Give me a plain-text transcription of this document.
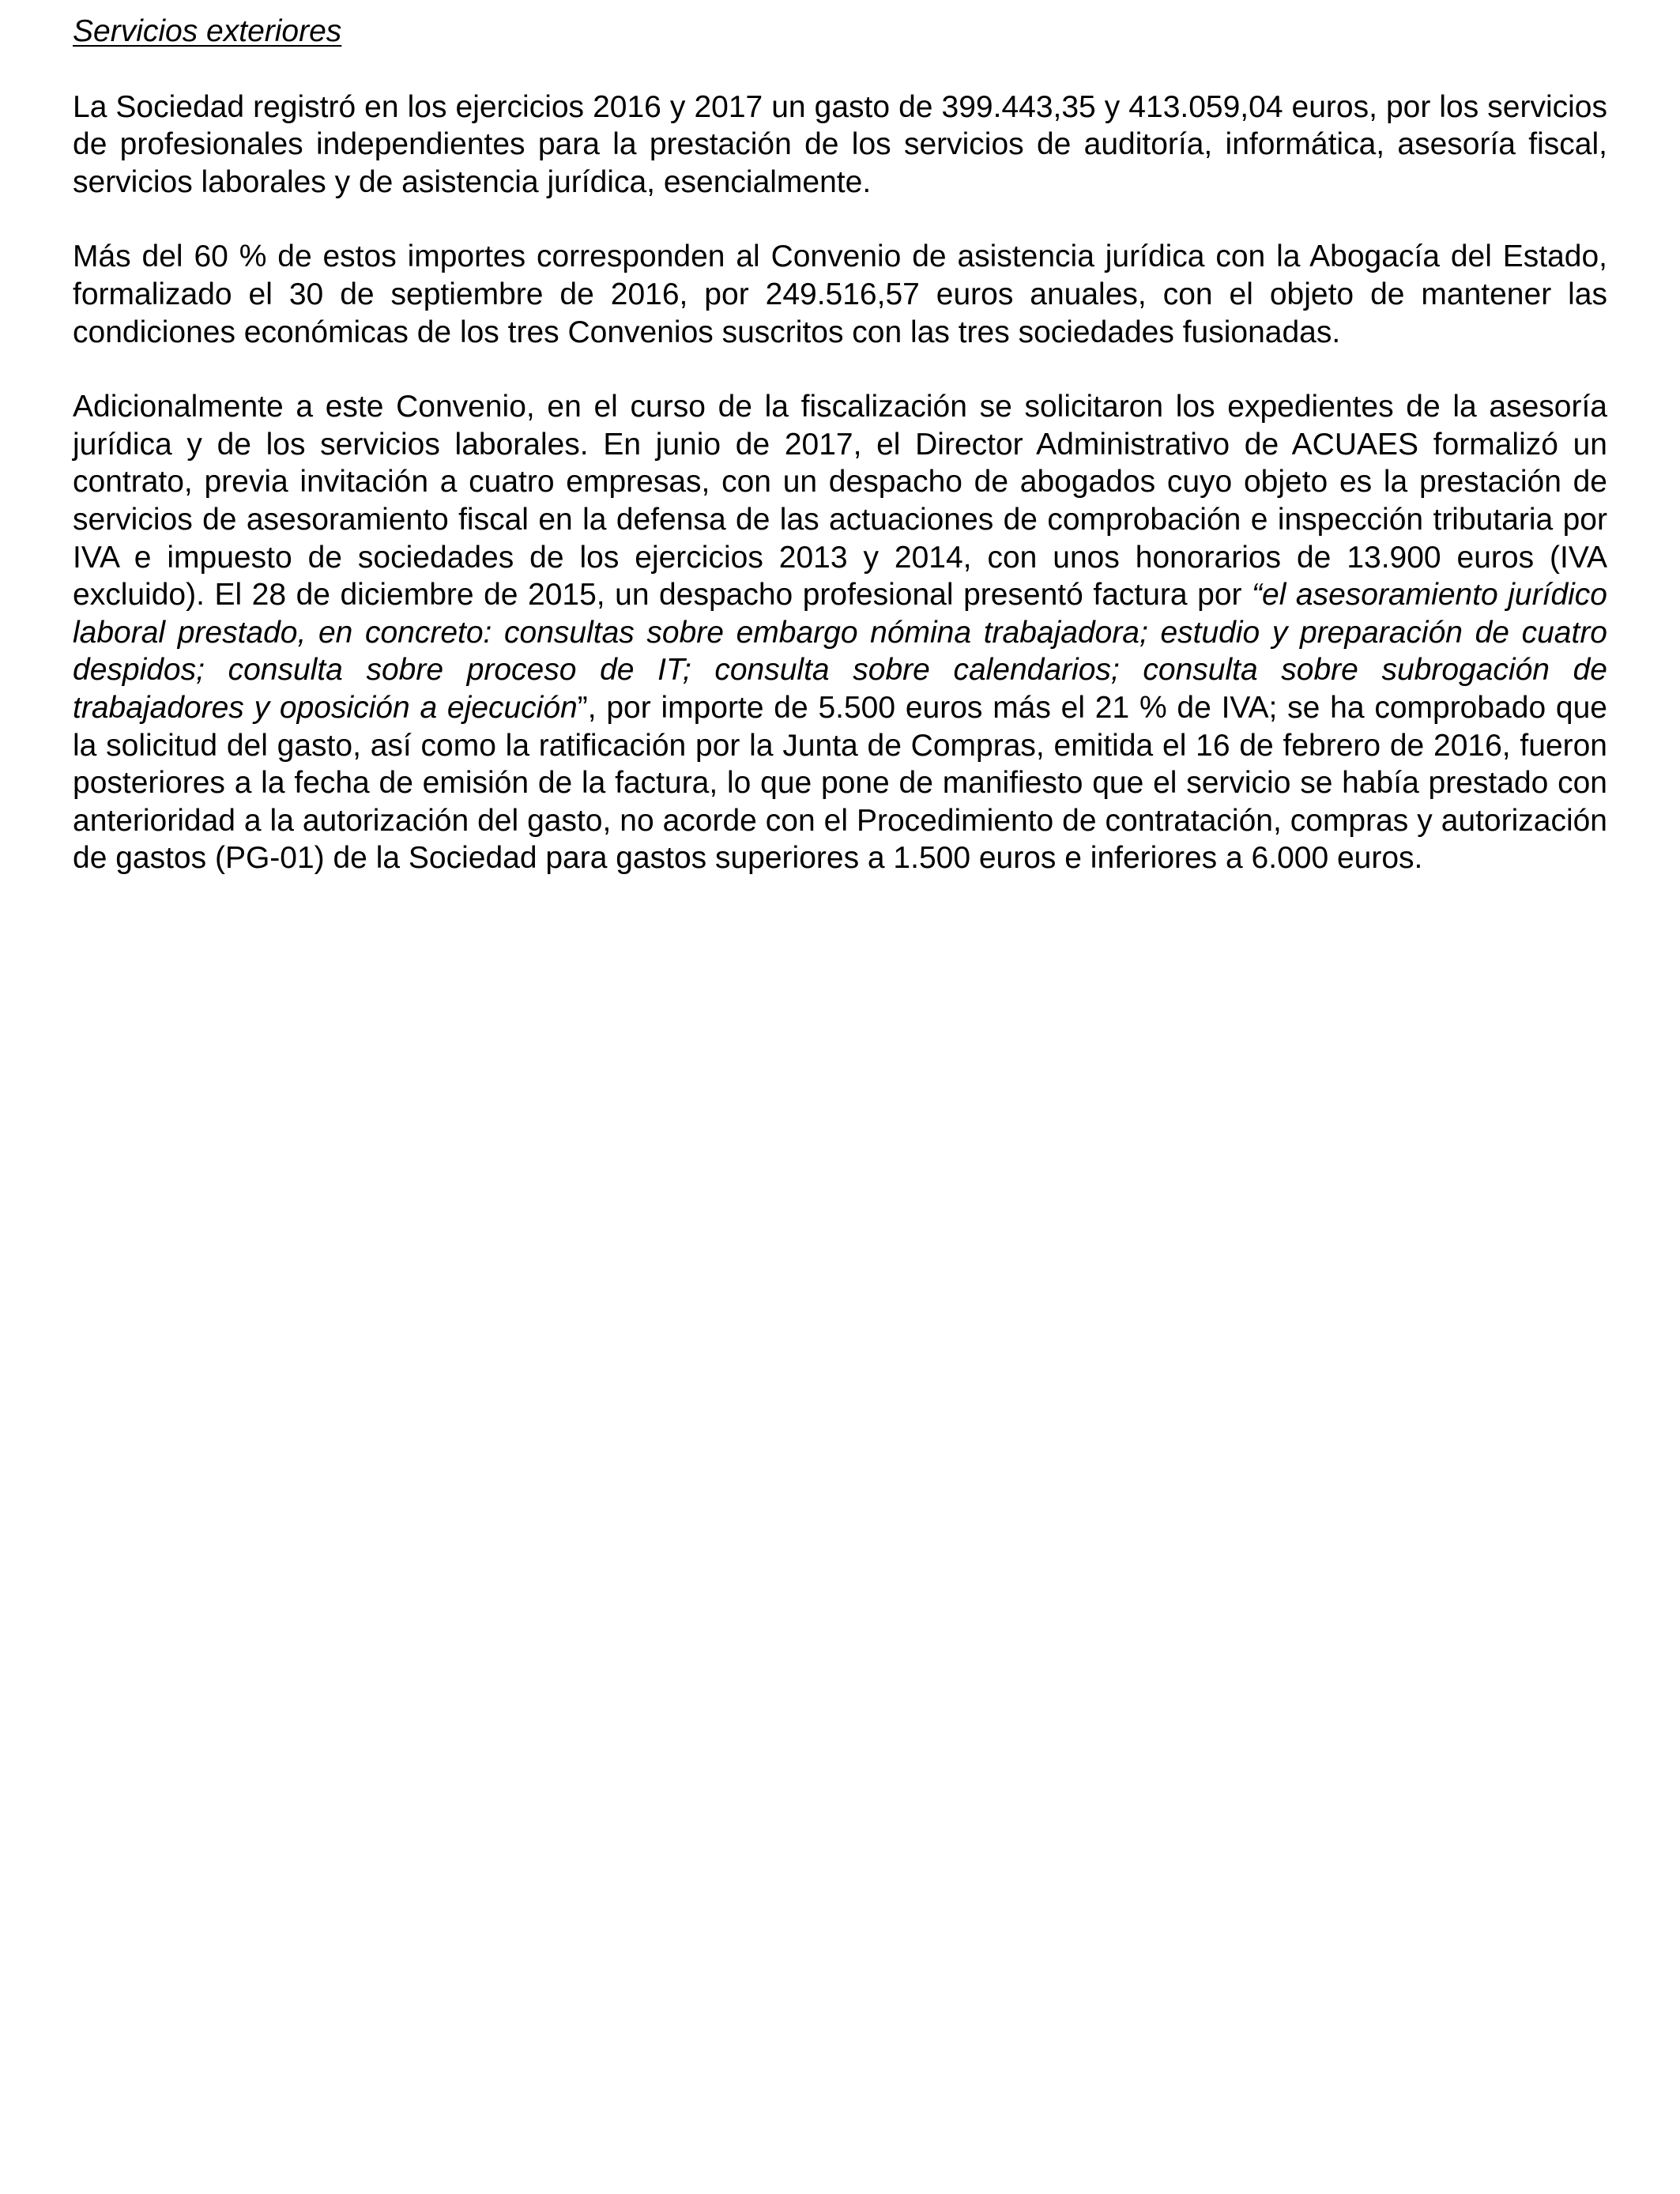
Servicios exteriores

La Sociedad registró en los ejercicios 2016 y 2017 un gasto de 399.443,35 y 413.059,04 euros, por los servicios de profesionales independientes para la prestación de los servicios de auditoría, informática, asesoría fiscal, servicios laborales y de asistencia jurídica, esencialmente.

Más del 60 % de estos importes corresponden al Convenio de asistencia jurídica con la Abogacía del Estado, formalizado el 30 de septiembre de 2016, por 249.516,57 euros anuales, con el objeto de mantener las condiciones económicas de los tres Convenios suscritos con las tres sociedades fusionadas.

Adicionalmente a este Convenio, en el curso de la fiscalización se solicitaron los expedientes de la asesoría jurídica y de los servicios laborales. En junio de 2017, el Director Administrativo de ACUAES formalizó un contrato, previa invitación a cuatro empresas, con un despacho de abogados cuyo objeto es la prestación de servicios de asesoramiento fiscal en la defensa de las actuaciones de comprobación e inspección tributaria por IVA e impuesto de sociedades de los ejercicios 2013 y 2014, con unos honorarios de 13.900 euros (IVA excluido). El 28 de diciembre de 2015, un despacho profesional presentó factura por “el asesoramiento jurídico laboral prestado, en concreto: consultas sobre embargo nómina trabajadora; estudio y preparación de cuatro despidos; consulta sobre proceso de IT; consulta sobre calendarios; consulta sobre subrogación de trabajadores y oposición a ejecución”, por importe de 5.500 euros más el 21 % de IVA; se ha comprobado que la solicitud del gasto, así como la ratificación por la Junta de Compras, emitida el 16 de febrero de 2016, fueron posteriores a la fecha de emisión de la factura, lo que pone de manifiesto que el servicio se había prestado con anterioridad a la autorización del gasto, no acorde con el Procedimiento de contratación, compras y autorización de gastos (PG-01) de la Sociedad para gastos superiores a 1.500 euros e inferiores a 6.000 euros.
